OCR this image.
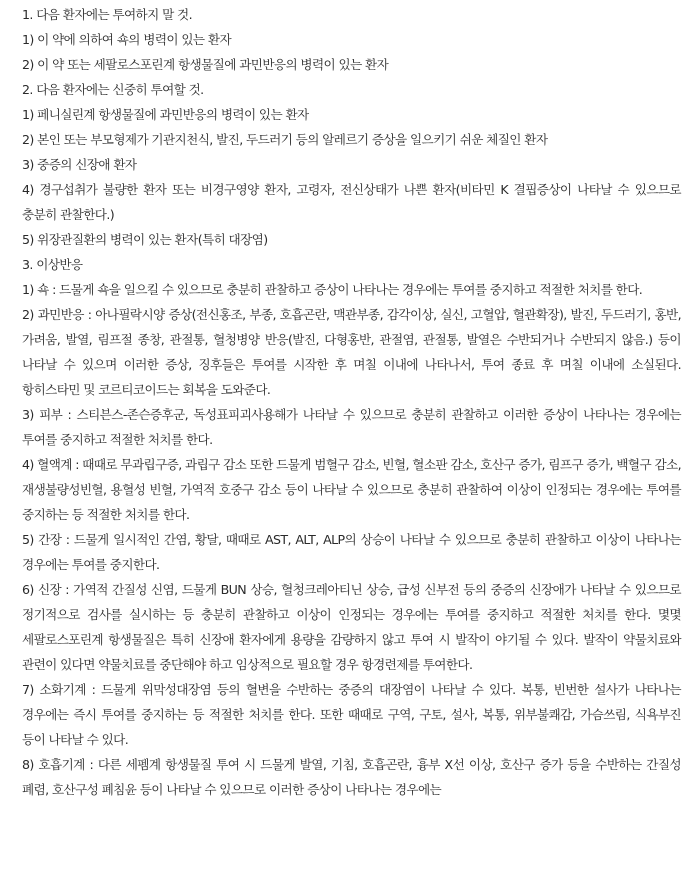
1. 다음 환자에는 투여하지 말 것.

1) 이 약에 의하여 쇽의 병력이 있는 환자

2) 이 약 또는 세팔로스포린계 항생물질에 과민반응의 병력이 있는 환자

2. 다음 환자에는 신중히 투여할 것.

1) 페니실린계 항생물질에 과민반응의 병력이 있는 환자

2) 본인 또는 부모형제가 기관지천식, 발진, 두드러기 등의 알레르기 증상을 일으키기 쉬운 체질인 환자

3) 중증의 신장애 환자

4) 경구섭취가 불량한 환자 또는 비경구영양 환자, 고령자, 전신상태가 나쁜 환자(비타민 K 결핍증상이 나타날 수 있으므로 충분히 관찰한다.)

5) 위장관질환의 병력이 있는 환자(특히 대장염)

3. 이상반응

1) 쇽 : 드물게 쇽을 일으킬 수 있으므로 충분히 관찰하고 증상이 나타나는 경우에는 투여를 중지하고 적절한 처치를 한다.

2) 과민반응 : 아나필락시양 증상(전신홍조, 부종, 호흡곤란, 맥관부종, 감각이상, 실신, 고혈압, 혈관확장), 발진, 두드러기, 홍반, 가려움, 발열, 림프절 종창, 관절통, 혈청병양 반응(발진, 다형홍반, 관절염, 관절통, 발열은 수반되거나 수반되지 않음.) 등이 나타날 수 있으며 이러한 증상, 징후들은 투여를 시작한 후 며칠 이내에 나타나서, 투여 종료 후 며칠 이내에 소실된다. 항히스타민 및 코르티코이드는 회복을 도와준다.

3) 피부 : 스티븐스-존슨증후군, 독성표피괴사용해가 나타날 수 있으므로 충분히 관찰하고 이러한 증상이 나타나는 경우에는 투여를 중지하고 적절한 처치를 한다.

4) 혈액계 : 때때로 무과립구증, 과립구 감소 또한 드물게 범혈구 감소, 빈혈, 혈소판 감소, 호산구 증가, 림프구 증가, 백혈구 감소, 재생불량성빈혈, 용혈성 빈혈, 가역적 호중구 감소 등이 나타날 수 있으므로 충분히 관찰하여 이상이 인정되는 경우에는 투여를 중지하는 등 적절한 처치를 한다.

5) 간장 : 드물게 일시적인 간염, 황달, 때때로 AST, ALT, ALP의 상승이 나타날 수 있으므로 충분히 관찰하고 이상이 나타나는 경우에는 투여를 중지한다.

6) 신장 : 가역적 간질성 신염, 드물게 BUN 상승, 혈청크레아티닌 상승, 급성 신부전 등의 중증의 신장애가 나타날 수 있으므로 정기적으로 검사를 실시하는 등 충분히 관찰하고 이상이 인정되는 경우에는 투여를 중지하고 적절한 처치를 한다. 몇몇 세팔로스포린계 항생물질은 특히 신장애 환자에게 용량을 감량하지 않고 투여 시 발작이 야기될 수 있다. 발작이 약물치료와 관련이 있다면 약물치료를 중단해야 하고 임상적으로 필요할 경우 항경련제를 투여한다.

7) 소화기계 : 드물게 위막성대장염 등의 혈변을 수반하는 중증의 대장염이 나타날 수 있다. 복통, 빈번한 설사가 나타나는 경우에는 즉시 투여를 중지하는 등 적절한 처치를 한다. 또한 때때로 구역, 구토, 설사, 복통, 위부불쾌감, 가슴쓰림, 식욕부진 등이 나타날 수 있다.

8) 호흡기계 : 다른 세펨계 항생물질 투여 시 드물게 발열, 기침, 호흡곤란, 흉부 X선 이상, 호산구 증가 등을 수반하는 간질성 폐렴, 호산구성 폐침윤 등이 나타날 수 있으므로 이러한 증상이 나타나는 경우에는
